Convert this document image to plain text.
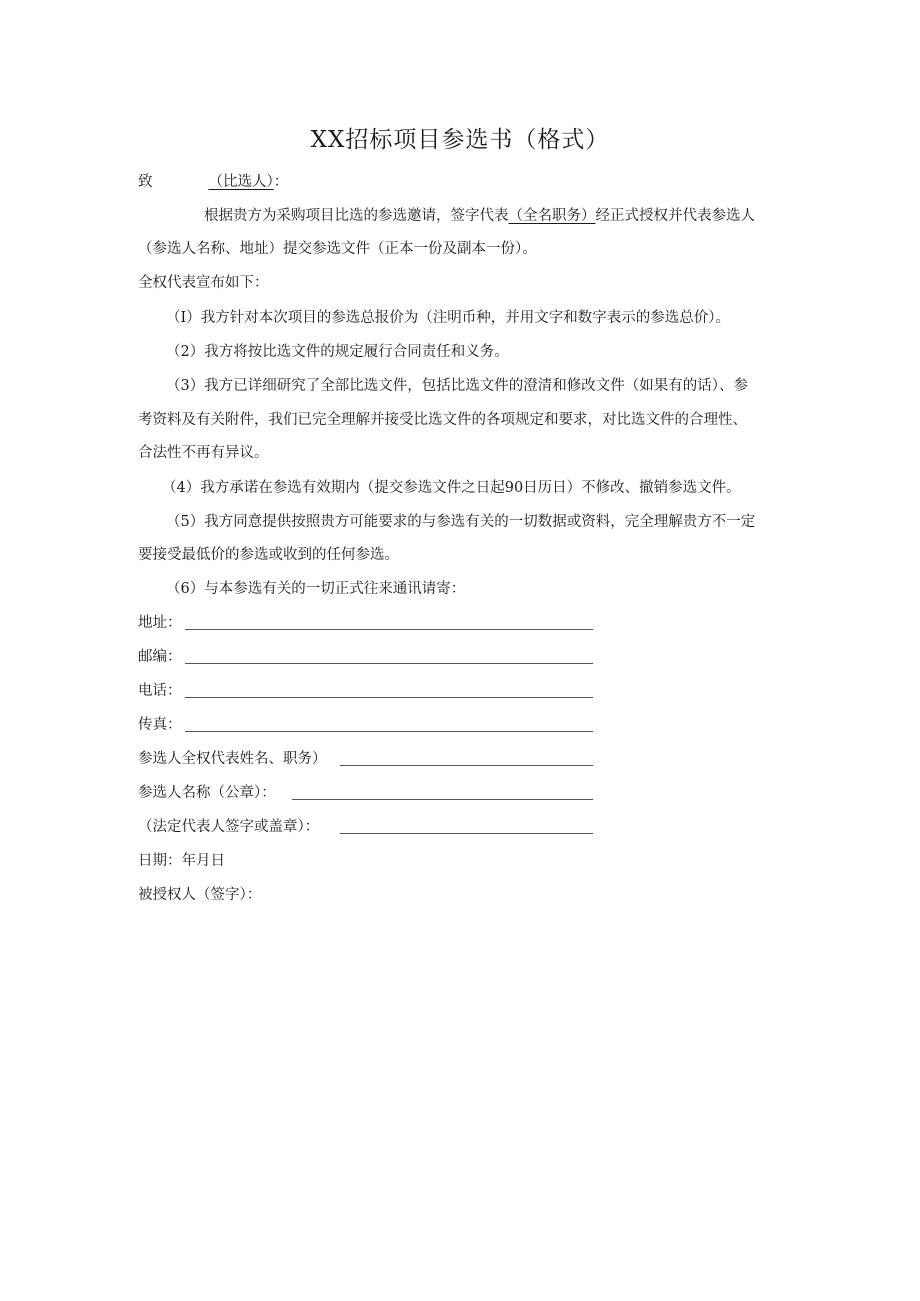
XX招标项目参选书（格式）
致	（比选人）：
根据贵方为采购项目比选的参选邀请，签字代表（全名职务）经正式授权并代表参选人
（参选人名称、地址）提交参选文件（正本一份及副本一份）。
全权代表宣布如下：
（I）我方针对本次项目的参选总报价为（注明币种，并用文字和数字表示的参选总价）。
（2）我方将按比选文件的规定履行合同责任和义务。
（3）我方已详细研究了全部比选文件，包括比选文件的澄清和修改文件（如果有的话）、参
考资料及有关附件，我们已完全理解并接受比选文件的各项规定和要求，对比选文件的合理性、
合法性不再有异议。
（4）我方承诺在参选有效期内（提交参选文件之日起90日历日）不修改、撤销参选文件。
（5）我方同意提供按照贵方可能要求的与参选有关的一切数据或资料，完全理解贵方不一定
要接受最低价的参选或收到的任何参选。
（6）与本参选有关的一切正式往来通讯请寄：
地址：
邮编：
电话：
传真：
参选人全权代表姓名、职务）
参选人名称（公章）：
（法定代表人签字或盖章）：
日期：年月日
被授权人（签字）：
